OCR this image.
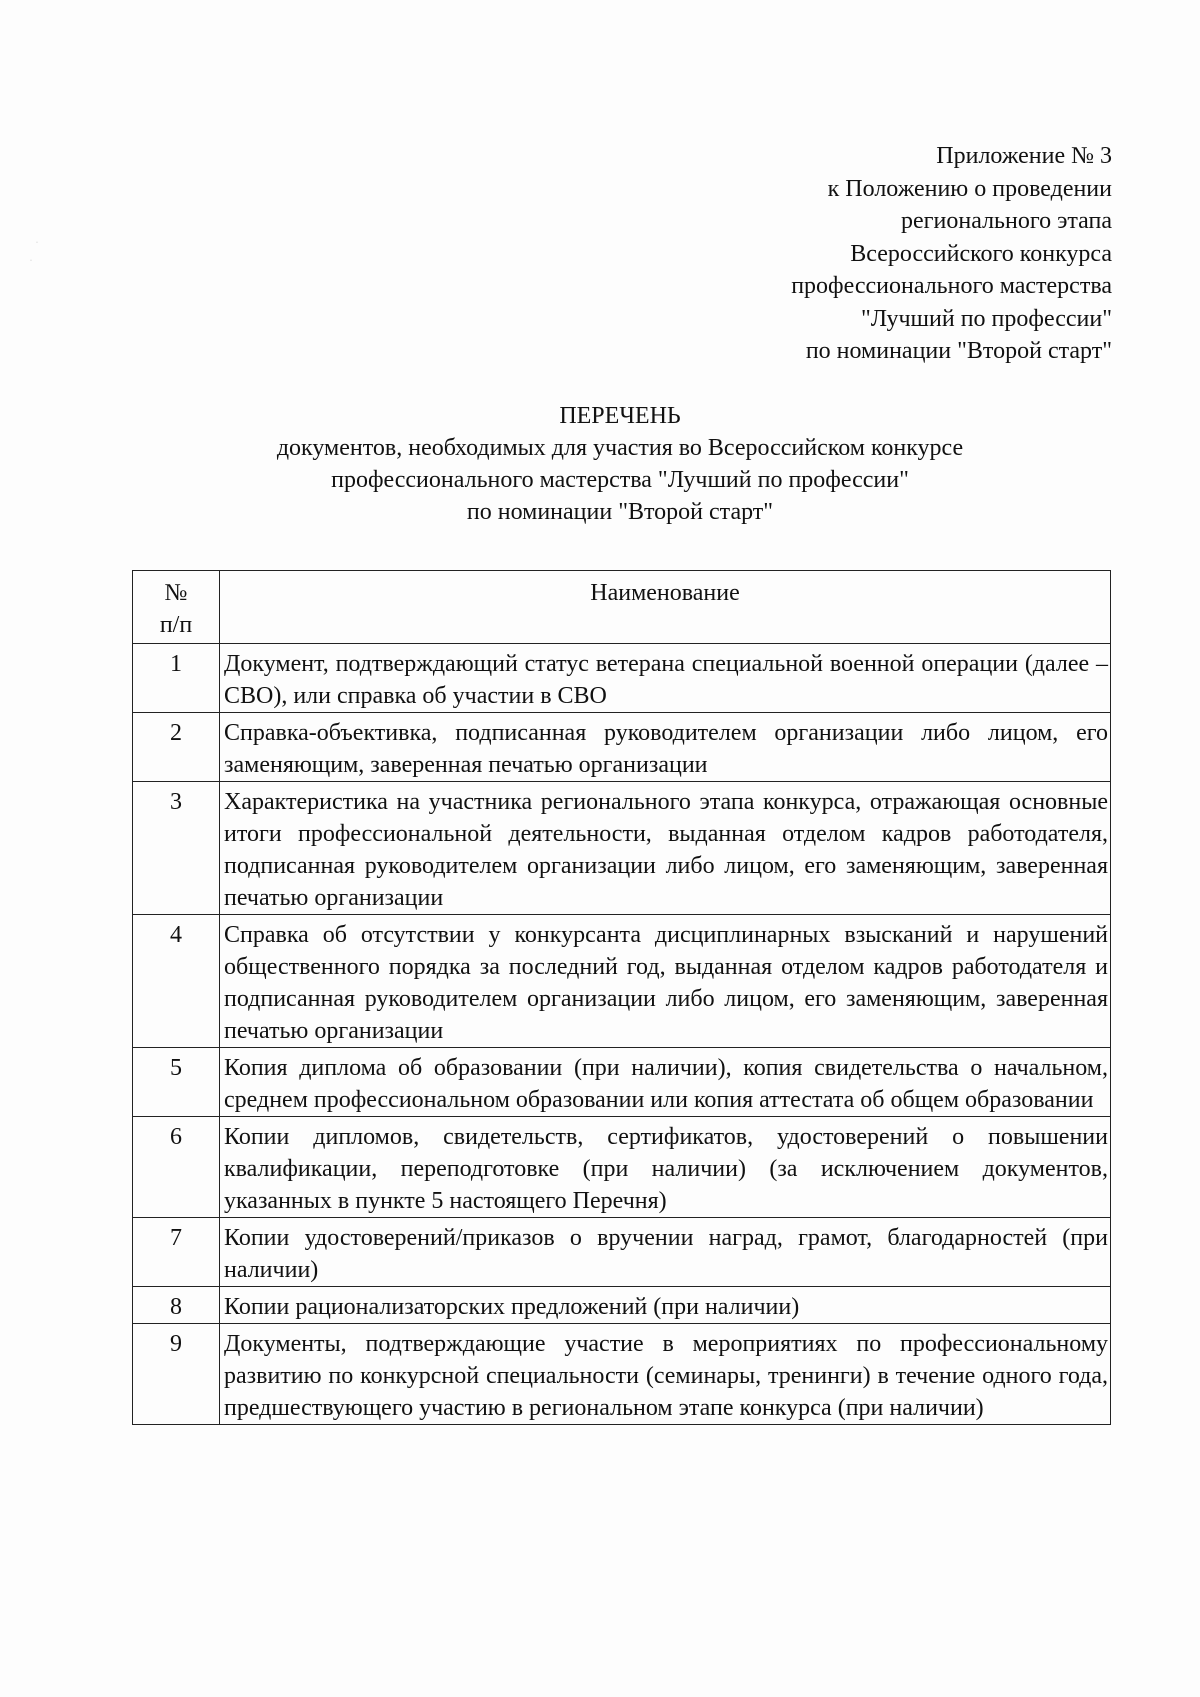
·
·
Приложение № 3
к Положению о проведении
регионального этапа
Всероссийского конкурса
профессионального мастерства
"Лучший по профессии"
по номинации "Второй старт"
ПЕРЕЧЕНЬ
документов, необходимых для участия во Всероссийском конкурсе
профессионального мастерства "Лучший по профессии"
по номинации "Второй старт"
№
п/п	Наименование
1	Документ, подтверждающий статус ветерана специальной военной операции (далее – СВО), или справка об участии в СВО
2	Справка-объективка, подписанная руководителем организации либо лицом, его заменяющим, заверенная печатью организации
3	Характеристика на участника регионального этапа конкурса, отражающая основные итоги профессиональной деятельности, выданная отделом кадров работодателя, подписанная руководителем организации либо лицом, его заменяющим, заверенная печатью организации
4	Справка об отсутствии у конкурсанта дисциплинарных взысканий и нарушений общественного порядка за последний год, выданная отделом кадров работодателя и подписанная руководителем организации либо лицом, его заменяющим, заверенная печатью организации
5	Копия диплома об образовании (при наличии), копия свидетельства о начальном, среднем профессиональном образовании или копия аттестата об общем образовании
6	Копии дипломов, свидетельств, сертификатов, удостоверений о повышении квалификации, переподготовке (при наличии) (за исключением документов, указанных в пункте 5 настоящего Перечня)
7	Копии удостоверений/приказов о вручении наград, грамот, благодарностей (при наличии)
8	Копии рационализаторских предложений (при наличии)
9	Документы, подтверждающие участие в мероприятиях по профессиональному развитию по конкурсной специальности (семинары, тренинги) в течение одного года, предшествующего участию в региональном этапе конкурса (при наличии)
